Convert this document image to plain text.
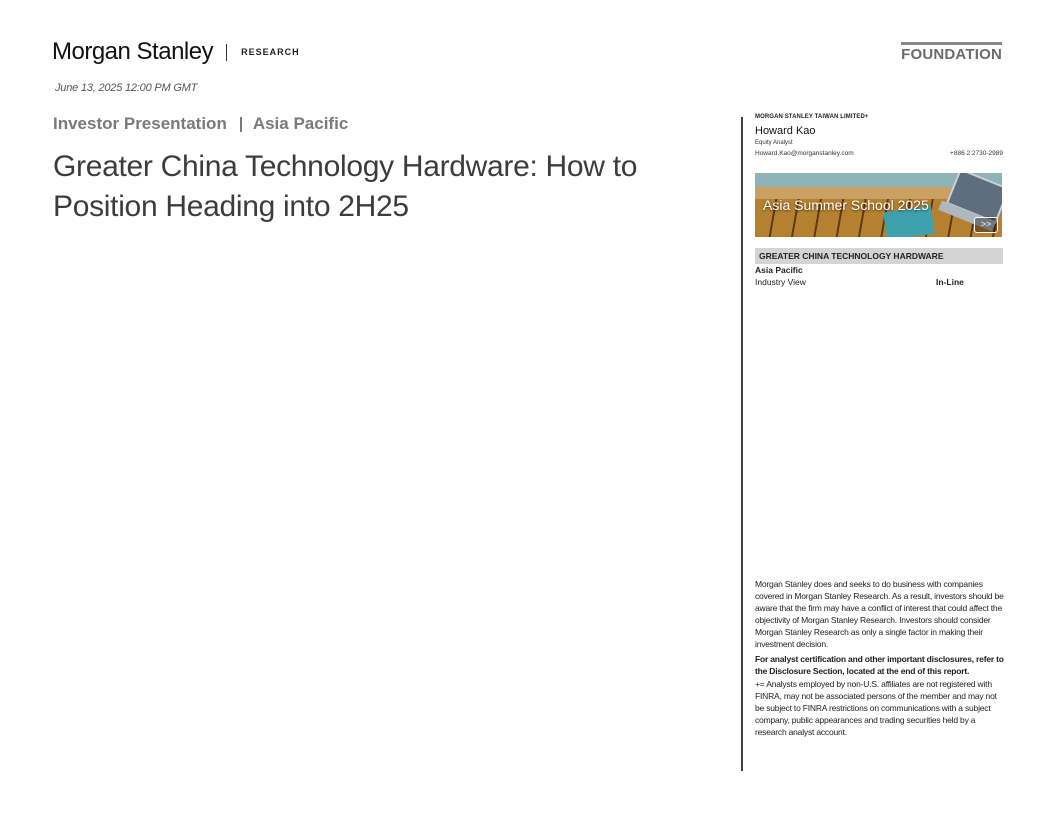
Morgan Stanley	RESEARCH	FOUNDATION
June 13, 2025 12:00 PM GMT
Investor Presentation Asia Pacific
Greater China Technology Hardware: How to Position Heading into 2H25
MORGAN STANLEY TAIWAN LIMITED+
Howard Kao
Equity Analyst
Howard.Kao@morganstanley.com	+886 2 2730-2989
Asia Summer School 2025
>>
GREATER CHINA TECHNOLOGY HARDWARE
Asia Pacific
Industry View	In-Line

Morgan Stanley does and seeks to do business with companies covered in Morgan Stanley Research. As a result, investors should be aware that the firm may have a conflict of interest that could affect the objectivity of Morgan Stanley Research. Investors should consider Morgan Stanley Research as only a single factor in making their investment decision.

For analyst certification and other important disclosures, refer to the Disclosure Section, located at the end of this report.

+= Analysts employed by non-U.S. affiliates are not registered with FINRA, may not be associated persons of the member and may not be subject to FINRA restrictions on communications with a subject company, public appearances and trading securities held by a research analyst account.
